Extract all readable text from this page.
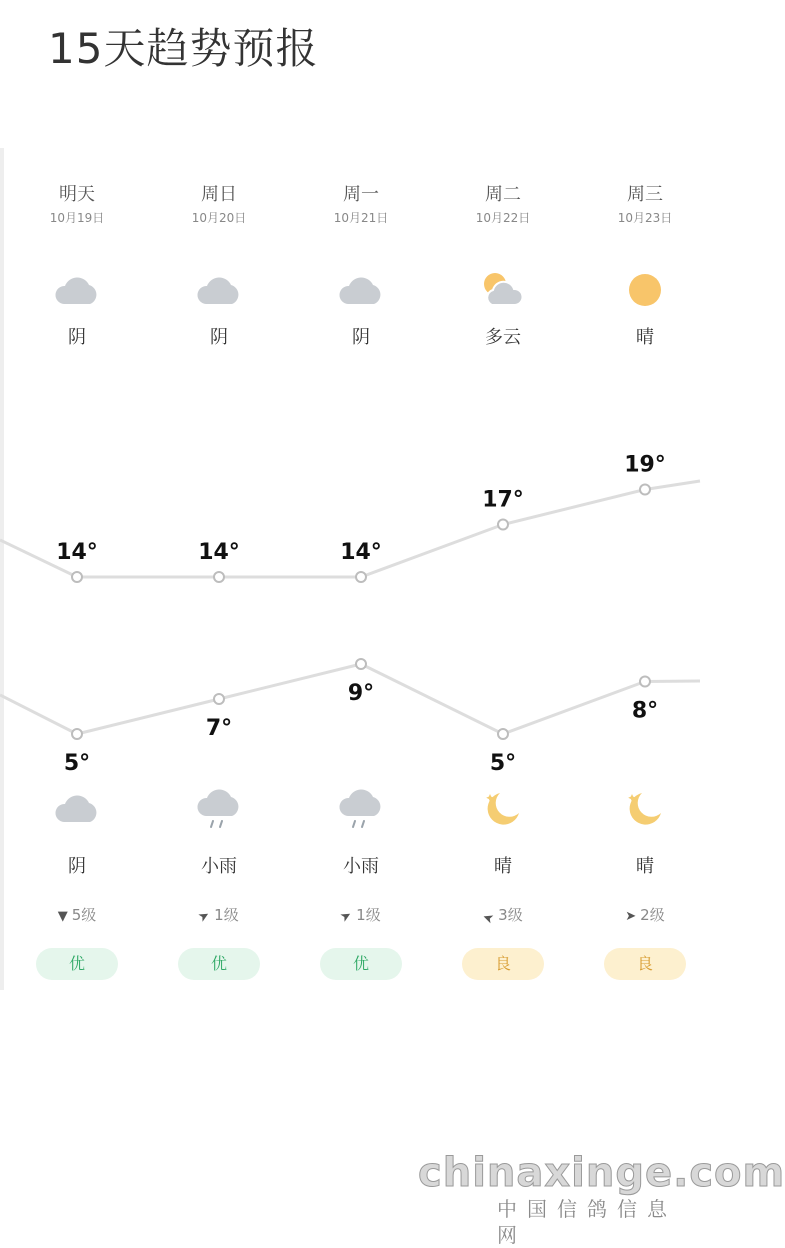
15天趋势预报
明天
10月19日
阴
阴
▼ 5级
优
周日
10月20日
阴
小雨
➤1级
优
周一
10月21日
阴
小雨
➤1级
优
周二
10月22日
多云
晴
➤ 3级
良
周三
10月23日
晴
晴
➤ 2级
良
14°	14°	14°
17°
19°
5°
7°
9°
5°
8°
chinaxinge.com
中国信鸽信息网
